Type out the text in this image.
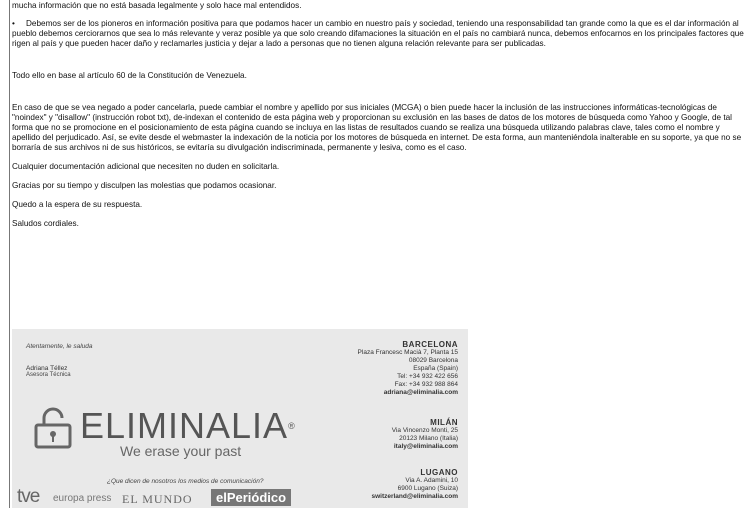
mucha información que no está basada legalmente y solo hace mal entendidos.

• Debemos ser de los pioneros en información positiva para que podamos hacer un cambio en nuestro país y sociedad, teniendo una responsabilidad tan grande como la que es el dar información al pueblo debemos cerciorarnos que sea lo más relevante y veraz posible ya que solo creando difamaciones la situación en el país no cambiará nunca, debemos enfocarnos en los principales factores que rigen al país y que pueden hacer daño y reclamarles justicia y dejar a lado a personas que no tienen alguna relación relevante para ser publicadas.

Todo ello en base al artículo 60 de la Constitución de Venezuela.

En caso de que se vea negado a poder cancelarla, puede cambiar el nombre y apellido por sus iniciales (MCGA) o bien puede hacer la inclusión de las instrucciones informáticas-tecnológicas de "noindex" y "disallow" (instrucción robot txt), de-indexan el contenido de esta página web y proporcionan su exclusión en las bases de datos de los motores de búsqueda como Yahoo y Google, de tal forma que no se promocione en el posicionamiento de esta página cuando se incluya en las listas de resultados cuando se realiza una búsqueda utilizando palabras clave, tales como el nombre y apellido del perjudicado. Así, se evite desde el webmaster la indexación de la noticia por los motores de búsqueda en internet. De esta forma, aun manteniéndola inalterable en su soporte, ya que no se borraría de sus archivos ni de sus históricos, se evitaría su divulgación indiscriminada, permanente y lesiva, como es el caso.

Cualquier documentación adicional que necesiten no duden en solicitarla.

Gracias por su tiempo y disculpen las molestias que podamos ocasionar.

Quedo a la espera de su respuesta.

Saludos cordiales.

Atentamente, le saluda
Adriana Téllez
Asesora Técnica
ELIMINALIA®
We erase your past
BARCELONA
Plaza Francesc Macià 7, Planta 15
08029 Barcelona
España (Spain)
Tel: +34 932 422 656
Fax: +34 932 988 864
adriana@eliminalia.com
MILÁN
Via Vincenzo Monti, 25
20123 Milano (Italia)
italy@eliminalia.com
LUGANO
Via A. Adamini, 10
6900 Lugano (Suiza)
switzerland@eliminalia.com
¿Que dicen de nosotros los medios de comunicación?
tve europa press EL MUNDO	elPeriódico
